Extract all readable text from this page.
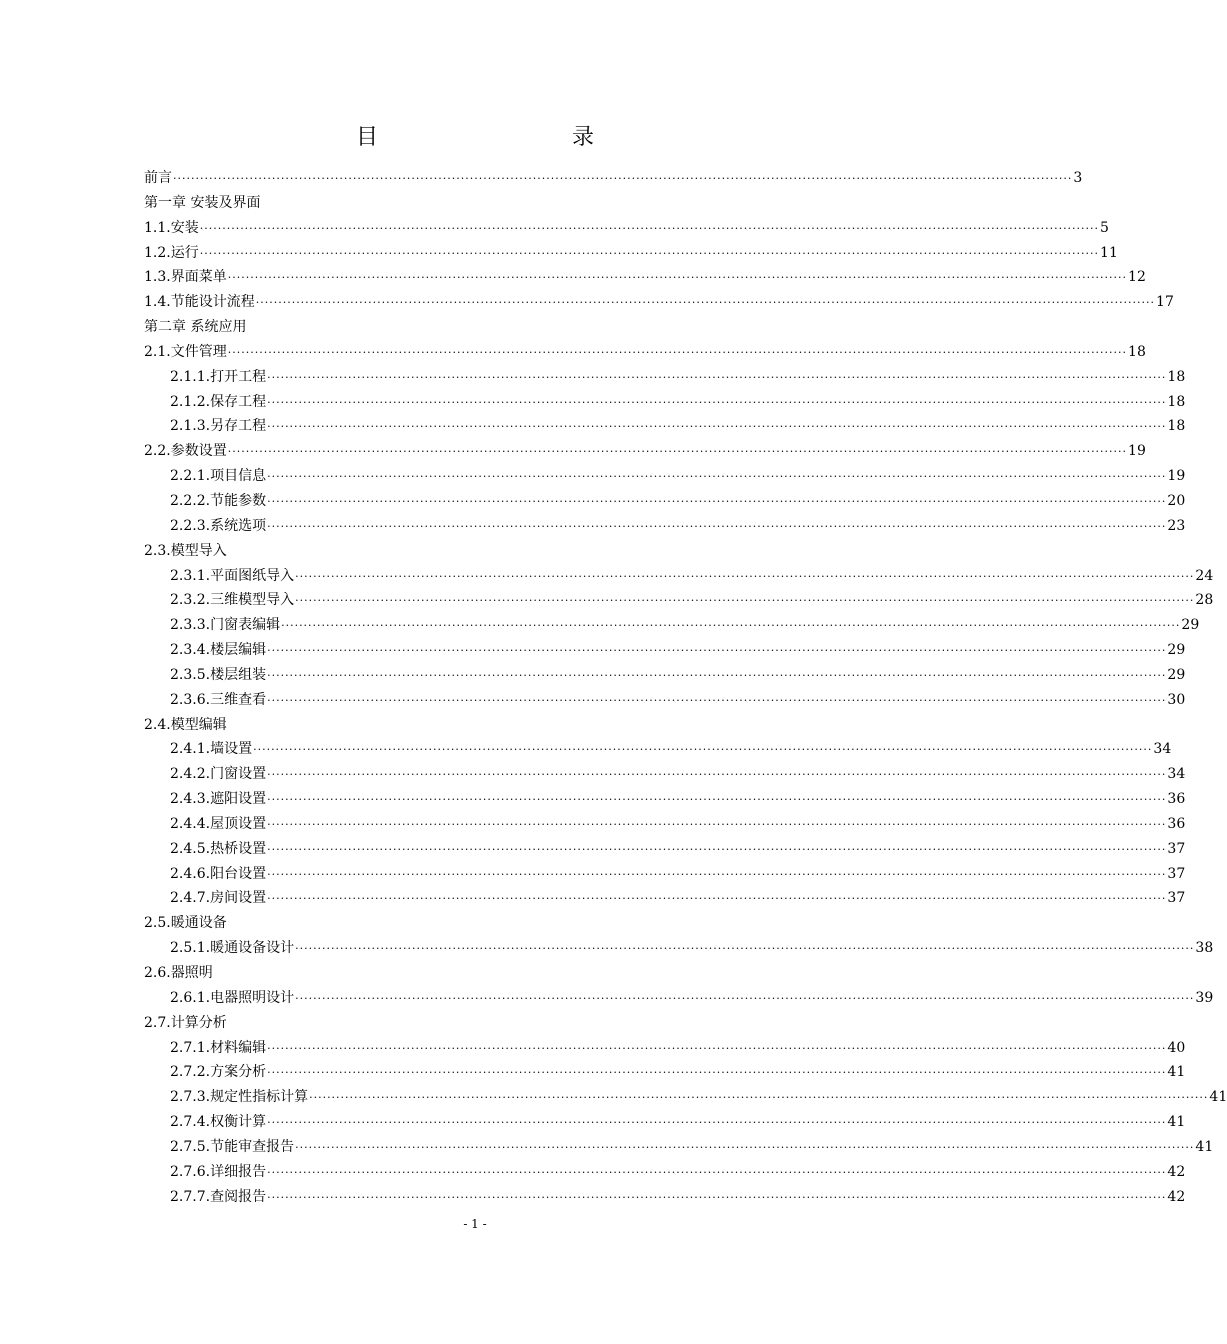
目　录
前言 ········································································································································································································ 3
第一章 安装及界面
1.1.安装 ········································································································································································································ 5
1.2.运行 ········································································································································································································ 11
1.3.界面菜单 ········································································································································································································ 12
1.4.节能设计流程 ········································································································································································································ 17
第二章 系统应用
2.1.文件管理 ········································································································································································································ 18
2.1.1.打开工程 ········································································································································································································ 18
2.1.2.保存工程 ········································································································································································································ 18
2.1.3.另存工程 ········································································································································································································ 18
2.2.参数设置 ········································································································································································································ 19
2.2.1.项目信息 ········································································································································································································ 19
2.2.2.节能参数 ········································································································································································································ 20
2.2.3.系统选项 ········································································································································································································ 23
2.3.模型导入
2.3.1.平面图纸导入 ········································································································································································································ 24
2.3.2.三维模型导入 ········································································································································································································ 28
2.3.3.门窗表编辑 ········································································································································································································ 29
2.3.4.楼层编辑 ········································································································································································································ 29
2.3.5.楼层组装 ········································································································································································································ 29
2.3.6.三维查看 ········································································································································································································ 30
2.4.模型编辑
2.4.1.墙设置 ········································································································································································································ 34
2.4.2.门窗设置 ········································································································································································································ 34
2.4.3.遮阳设置 ········································································································································································································ 36
2.4.4.屋顶设置 ········································································································································································································ 36
2.4.5.热桥设置 ········································································································································································································ 37
2.4.6.阳台设置 ········································································································································································································ 37
2.4.7.房间设置 ········································································································································································································ 37
2.5.暖通设备
2.5.1.暖通设备设计 ········································································································································································································ 38
2.6.器照明
2.6.1.电器照明设计 ········································································································································································································ 39
2.7.计算分析
2.7.1.材料编辑 ········································································································································································································ 40
2.7.2.方案分析 ········································································································································································································ 41
2.7.3.规定性指标计算 ········································································································································································································ 41
2.7.4.权衡计算 ········································································································································································································ 41
2.7.5.节能审查报告 ········································································································································································································ 41
2.7.6.详细报告 ········································································································································································································ 42
2.7.7.查阅报告 ········································································································································································································ 42
- 1 -
